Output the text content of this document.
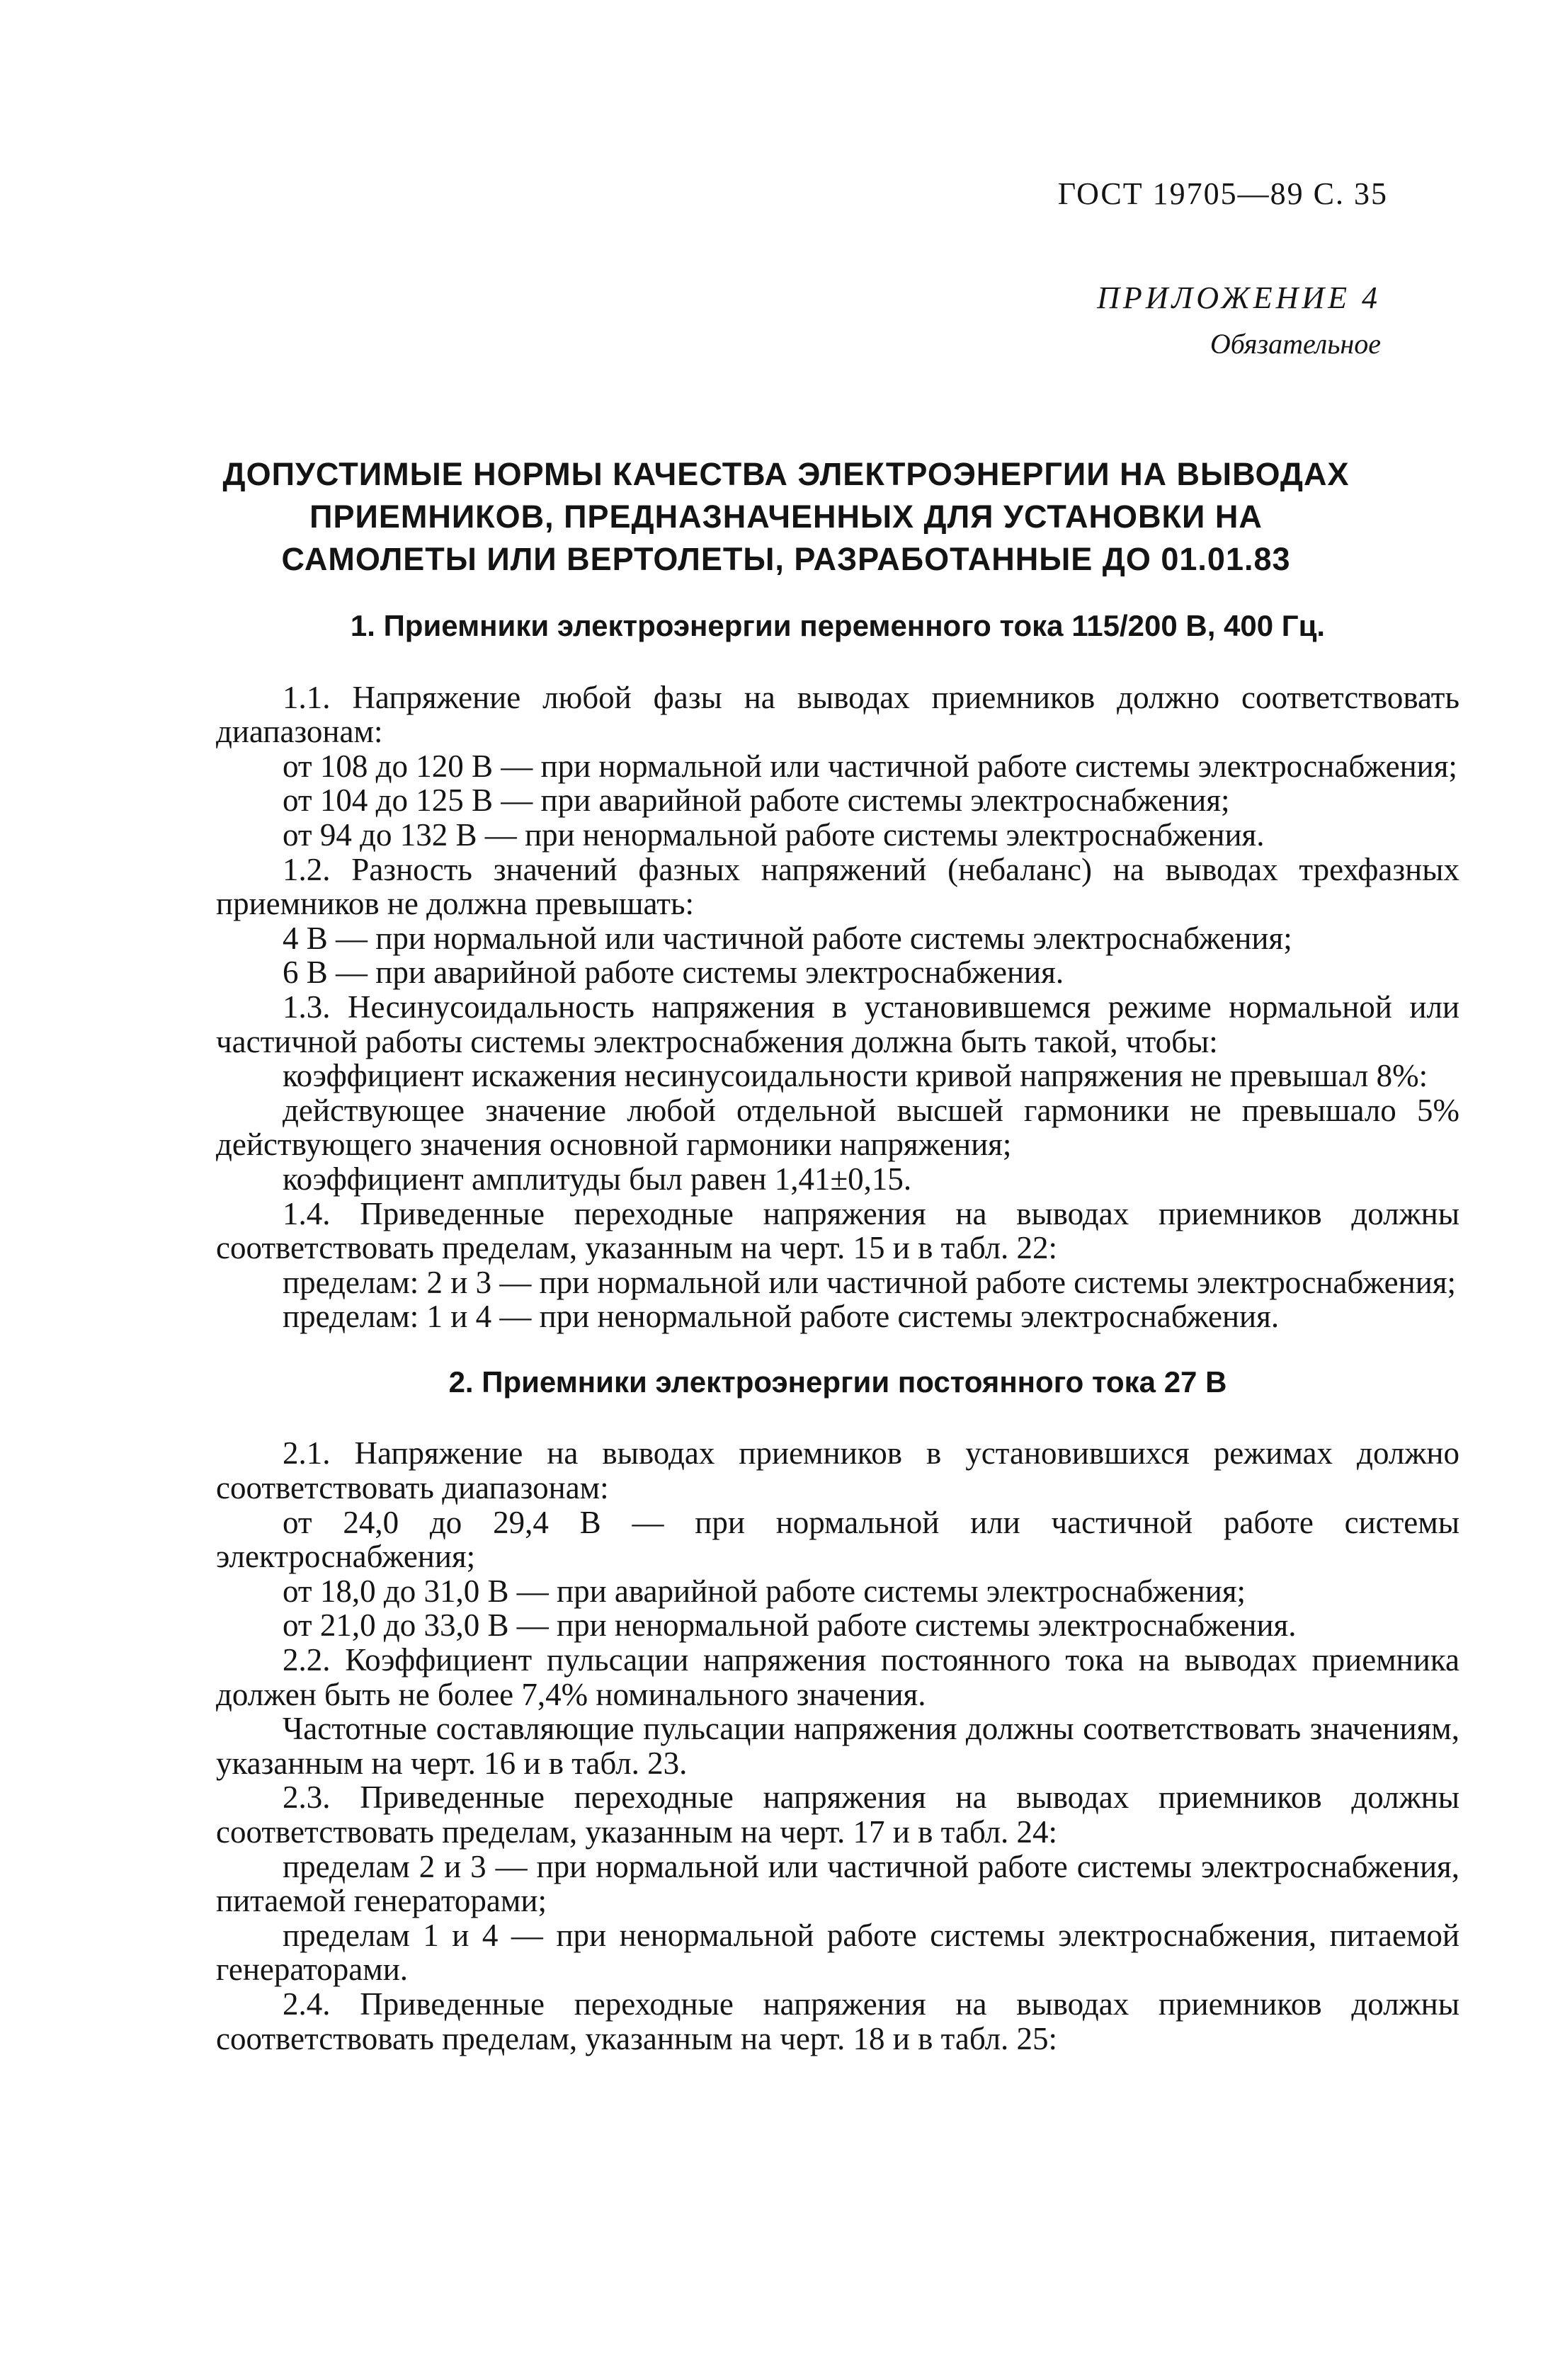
ГОСТ 19705—89 С. 35
ПРИЛОЖЕНИЕ 4
Обязательное
ДОПУСТИМЫЕ НОРМЫ КАЧЕСТВА ЭЛЕКТРОЭНЕРГИИ НА ВЫВОДАХ
ПРИЕМНИКОВ, ПРЕДНАЗНАЧЕННЫХ ДЛЯ УСТАНОВКИ НА
САМОЛЕТЫ ИЛИ ВЕРТОЛЕТЫ, РАЗРАБОТАННЫЕ ДО 01.01.83

1. Приемники электроэнергии переменного тока 115/200 В, 400 Гц.

1.1. Напряжение любой фазы на выводах приемников должно соответствовать диапазонам:

от 108 до 120 В — при нормальной или частичной работе системы электроснабжения;

от 104 до 125 В — при аварийной работе системы электроснабжения;

от 94 до 132 В — при ненормальной работе системы электроснабжения.

1.2. Разность значений фазных напряжений (небаланс) на выводах трехфазных приемников не должна превышать:

4 В — при нормальной или частичной работе системы электроснабжения;

6 В — при аварийной работе системы электроснабжения.

1.3. Несинусоидальность напряжения в установившемся режиме нормальной или частичной работы системы электроснабжения должна быть такой, чтобы:

коэффициент искажения несинусоидальности кривой напряжения не превышал 8%:

действующее значение любой отдельной высшей гармоники не превышало 5% действующего значения основной гармоники напряжения;

коэффициент амплитуды был равен 1,41±0,15.

1.4. Приведенные переходные напряжения на выводах приемников должны соответствовать пределам, указанным на черт. 15 и в табл. 22:

пределам: 2 и 3 — при нормальной или частичной работе системы электроснабжения;

пределам: 1 и 4 — при ненормальной работе системы электроснабжения.

2. Приемники электроэнергии постоянного тока 27 В

2.1. Напряжение на выводах приемников в установившихся режимах должно соответствовать диапазонам:

от 24,0 до 29,4 В — при нормальной или частичной работе системы электроснабжения;

от 18,0 до 31,0 В — при аварийной работе системы электроснабжения;

от 21,0 до 33,0 В — при ненормальной работе системы электроснабжения.

2.2. Коэффициент пульсации напряжения постоянного тока на выводах приемника должен быть не более 7,4% номинального значения.

Частотные составляющие пульсации напряжения должны соответствовать значениям, указанным на черт. 16 и в табл. 23.

2.3. Приведенные переходные напряжения на выводах приемников должны соответствовать пределам, указанным на черт. 17 и в табл. 24:

пределам 2 и 3 — при нормальной или частичной работе системы электроснабжения, питаемой генераторами;

пределам 1 и 4 — при ненормальной работе системы электроснабжения, питаемой генераторами.

2.4. Приведенные переходные напряжения на выводах приемников должны соответствовать пределам, указанным на черт. 18 и в табл. 25:
